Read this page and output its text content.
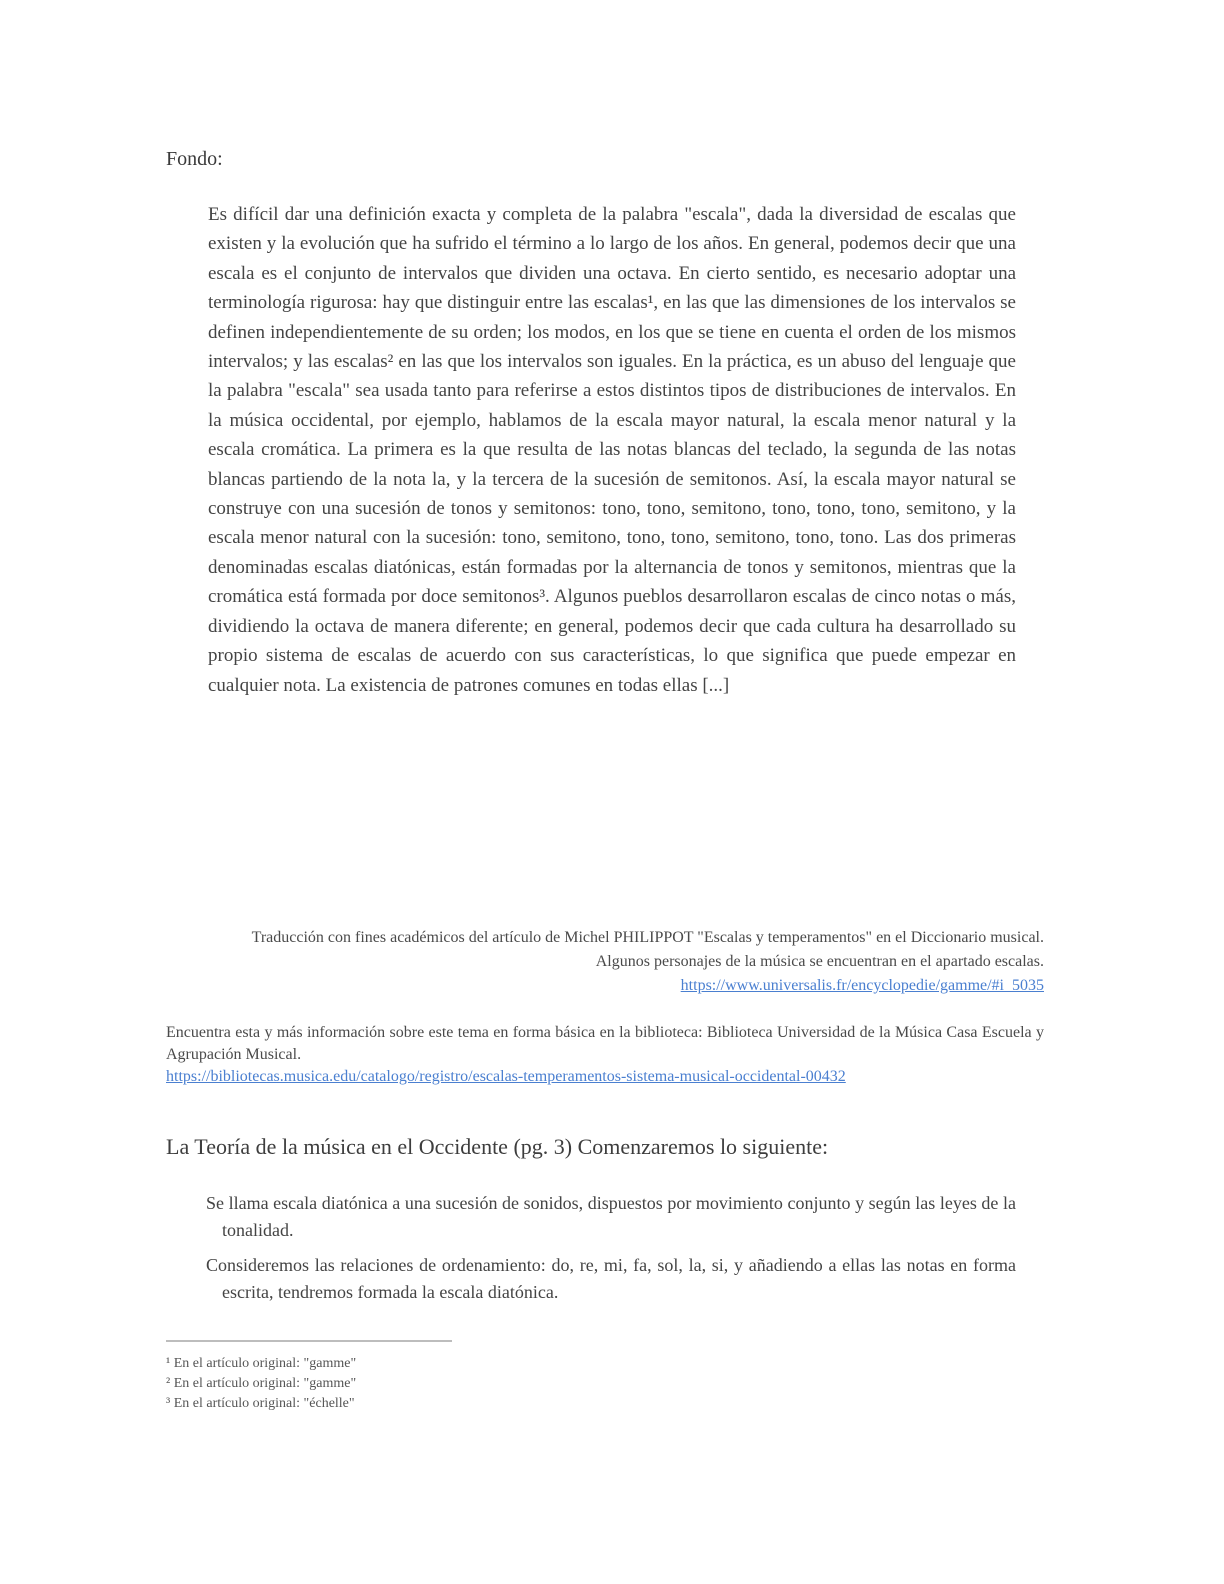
Fondo:
Es difícil dar una definición exacta y completa de la palabra "escala", dada la diversidad de escalas que existen y la evolución que ha sufrido el término a lo largo de los años. En general, podemos decir que una escala es el conjunto de intervalos que dividen una octava. En cierto sentido, es necesario adoptar una terminología rigurosa: hay que distinguir entre las escalas¹, en las que las dimensiones de los intervalos se definen independientemente de su orden; los modos, en los que se tiene en cuenta el orden de los mismos intervalos; y las escalas² en las que los intervalos son iguales. En la práctica, es un abuso del lenguaje que la palabra "escala" sea usada tanto para referirse a estos distintos tipos de distribuciones de intervalos. En la música occidental, por ejemplo, hablamos de la escala mayor natural, la escala menor natural y la escala cromática. La primera es la que resulta de las notas blancas del teclado, la segunda de las notas blancas partiendo de la nota la, y la tercera de la sucesión de semitonos. Así, la escala mayor natural se construye con una sucesión de tonos y semitonos: tono, tono, semitono, tono, tono, tono, semitono, y la escala menor natural con la sucesión: tono, semitono, tono, tono, semitono, tono, tono. Las dos primeras denominadas escalas diatónicas, están formadas por la alternancia de tonos y semitonos, mientras que la cromática está formada por doce semitonos³. Algunos pueblos desarrollaron escalas de cinco notas o más, dividiendo la octava de manera diferente; en general, podemos decir que cada cultura ha desarrollado su propio sistema de escalas de acuerdo con sus características, lo que significa que puede empezar en cualquier nota. La existencia de patrones comunes en todas ellas [...]
Traducción con fines académicos del artículo de Michel PHILIPPOT "Escalas y temperamentos" en el Diccionario musical. Algunos personajes de la música se encuentran en el apartado escalas.
https://www.universalis.fr/encyclopedie/gamme/#i_5035
Encuentra esta y más información sobre este tema en forma básica en la biblioteca: Biblioteca Universidad de la Música Casa Escuela y Agrupación Musical.
https://bibliotecas.musica.edu/catalogo/registro/escalas-temperamentos-sistema-musical-occidental-00432
La Teoría de la música en el Occidente (pg. 3) Comenzaremos lo siguiente:

Se llama escala diatónica a una sucesión de sonidos, dispuestos por movimiento conjunto y según las leyes de la tonalidad.

Consideremos las relaciones de ordenamiento: do, re, mi, fa, sol, la, si, y añadiendo a ellas las notas en forma escrita, tendremos formada la escala diatónica.

¹ En el artículo original: "gamme"
² En el artículo original: "gamme"
³ En el artículo original: "échelle"
